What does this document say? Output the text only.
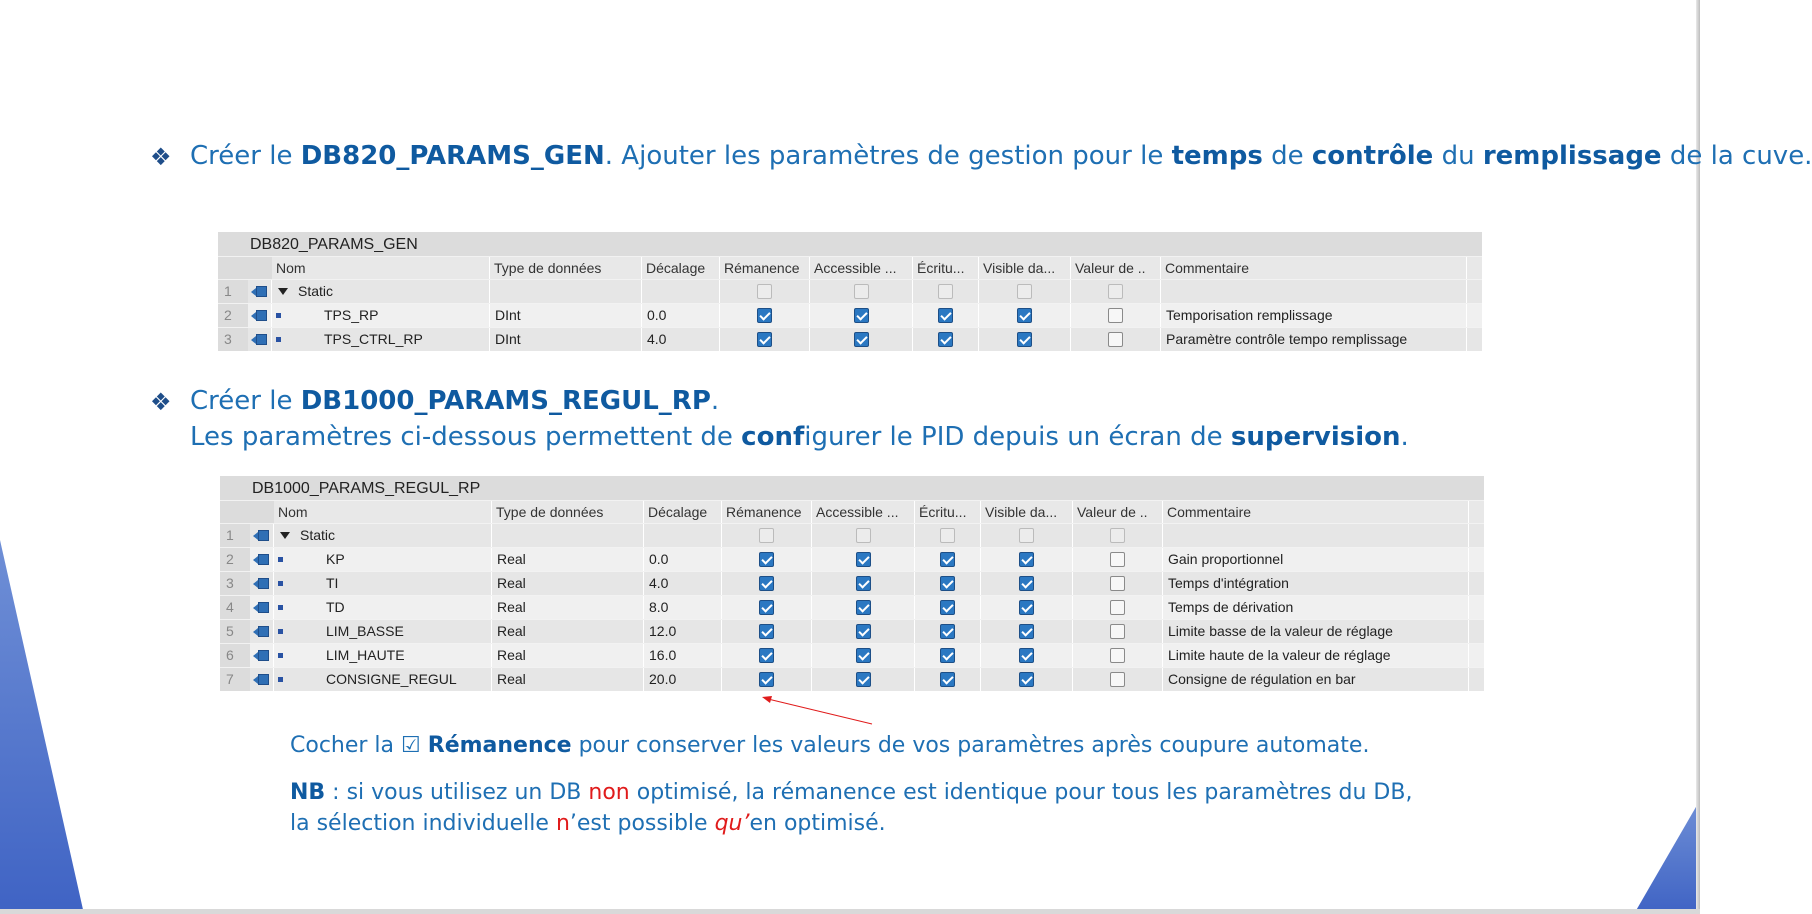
❖ Créer le DB820_PARAMS_GEN. Ajouter les paramètres de gestion pour le temps de contrôle du remplissage de la cuve.
DB820_PARAMS_GEN
Nom	Type de données	Décalage	Rémanence	Accessible ...	Écritu...	Visible da...	Valeur de ..	Commentaire
1	Static
2	TPS_RP	DInt	0.0	Temporisation remplissage
3	TPS_CTRL_RP	DInt	4.0	Paramètre contrôle tempo remplissage
❖ Créer le DB1000_PARAMS_REGUL_RP.
Les paramètres ci-dessous permettent de configurer le PID depuis un écran de supervision.
DB1000_PARAMS_REGUL_RP
Nom	Type de données	Décalage	Rémanence	Accessible ...	Écritu...	Visible da...	Valeur de ..	Commentaire
1	Static
2	KP	Real	0.0	Gain proportionnel
3	TI	Real	4.0	Temps d'intégration
4	TD	Real	8.0	Temps de dérivation
5	LIM_BASSE	Real	12.0	Limite basse de la valeur de réglage
6	LIM_HAUTE	Real	16.0	Limite haute de la valeur de réglage
7	CONSIGNE_REGUL	Real	20.0	Consigne de régulation en bar
Cocher la ☑ Rémanence pour conserver les valeurs de vos paramètres après coupure automate.
NB : si vous utilisez un DB non optimisé, la rémanence est identique pour tous les paramètres du DB,
la sélection individuelle n’est possible qu’en optimisé.
